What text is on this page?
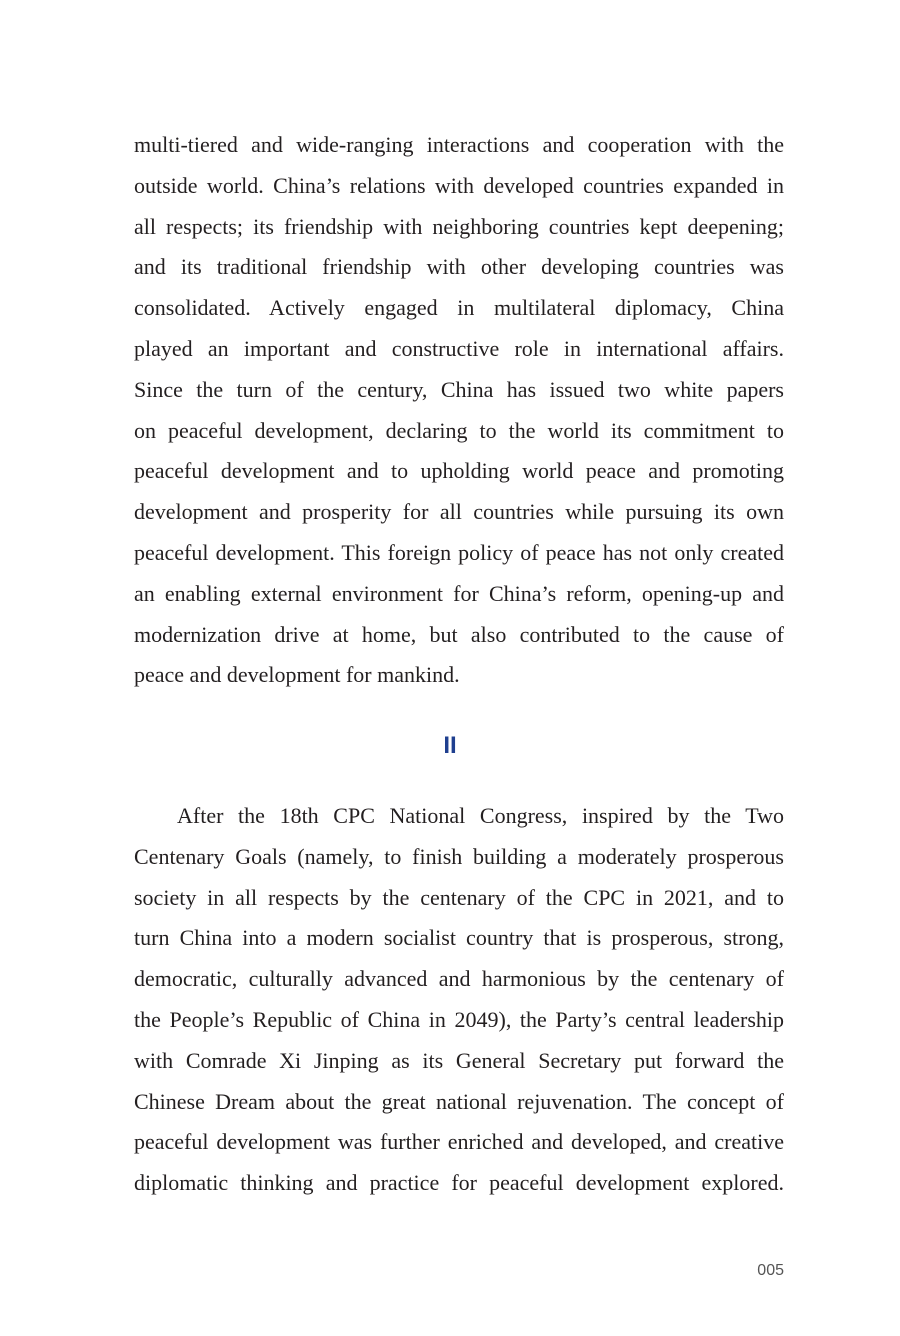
multi-tiered and wide-ranging interactions and cooperation with the
outside world. China’s relations with developed countries expanded in
all respects; its friendship with neighboring countries kept deepening;
and its traditional friendship with other developing countries was
consolidated. Actively engaged in multilateral diplomacy, China
played an important and constructive role in international affairs.
Since the turn of the century, China has issued two white papers
on peaceful development, declaring to the world its commitment to
peaceful development and to upholding world peace and promoting
development and prosperity for all countries while pursuing its own
peaceful development. This foreign policy of peace has not only created
an enabling external environment for China’s reform, opening-up and
modernization drive at home, but also contributed to the cause of
peace and development for mankind.
II
After the 18th CPC National Congress, inspired by the Two
Centenary Goals (namely, to finish building a moderately prosperous
society in all respects by the centenary of the CPC in 2021, and to
turn China into a modern socialist country that is prosperous, strong,
democratic, culturally advanced and harmonious by the centenary of
the People’s Republic of China in 2049), the Party’s central leadership
with Comrade Xi Jinping as its General Secretary put forward the
Chinese Dream about the great national rejuvenation. The concept of
peaceful development was further enriched and developed, and creative
diplomatic thinking and practice for peaceful development explored.
005
